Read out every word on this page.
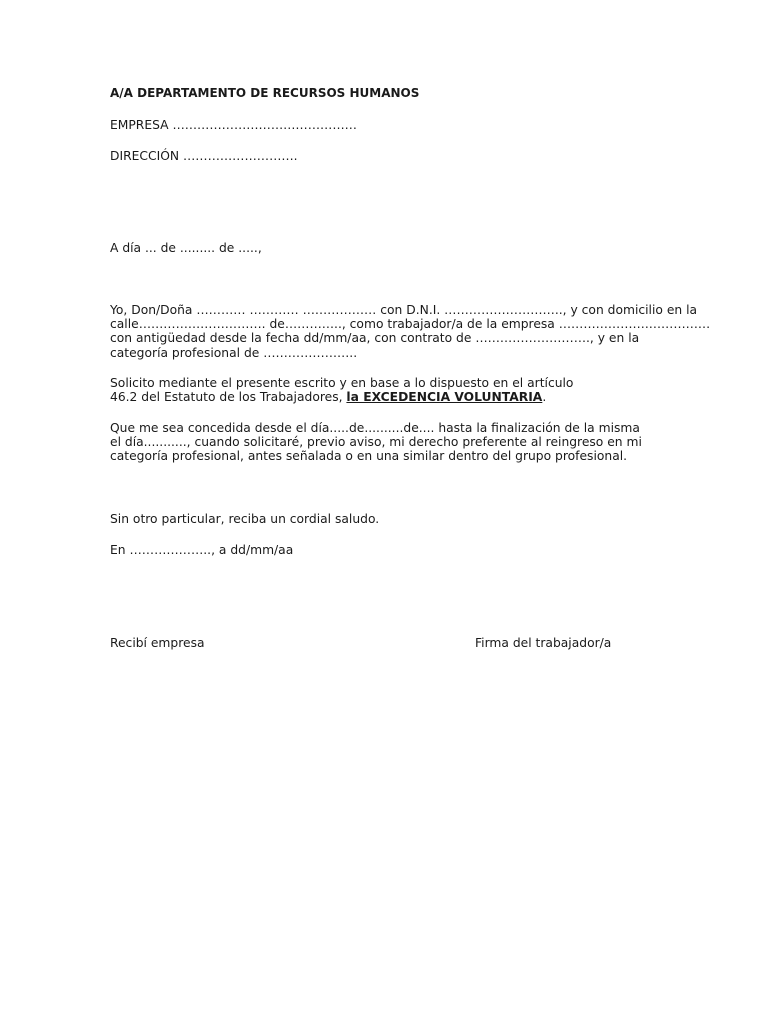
A/A DEPARTAMENTO DE RECURSOS HUMANOS

EMPRESA ………………………………………

DIRECCIÓN ……………………….

A día ... de ......... de .....,

Yo, Don/Doña ………… ………… ……………… con D.N.I. ……………………….., y con domicilio en la
calle…………………………. de………….., como trabajador/a de la empresa ………………….……………
con antigüedad desde la fecha dd/mm/aa, con contrato de ………………………., y en la
categoría profesional de …………………..
Solicito mediante el presente escrito y en base a lo dispuesto en el artículo
46.2 del Estatuto de los Trabajadores, la EXCEDENCIA VOLUNTARIA.
Que me sea concedida desde el día.....de..........de.... hasta la finalización de la misma
el día..........., cuando solicitaré, previo aviso, mi derecho preferente al reingreso en mi
categoría profesional, antes señalada o en una similar dentro del grupo profesional.

Sin otro particular, reciba un cordial saludo.

En ……………….., a dd/mm/aa

Recibí empresa	Firma del trabajador/a
